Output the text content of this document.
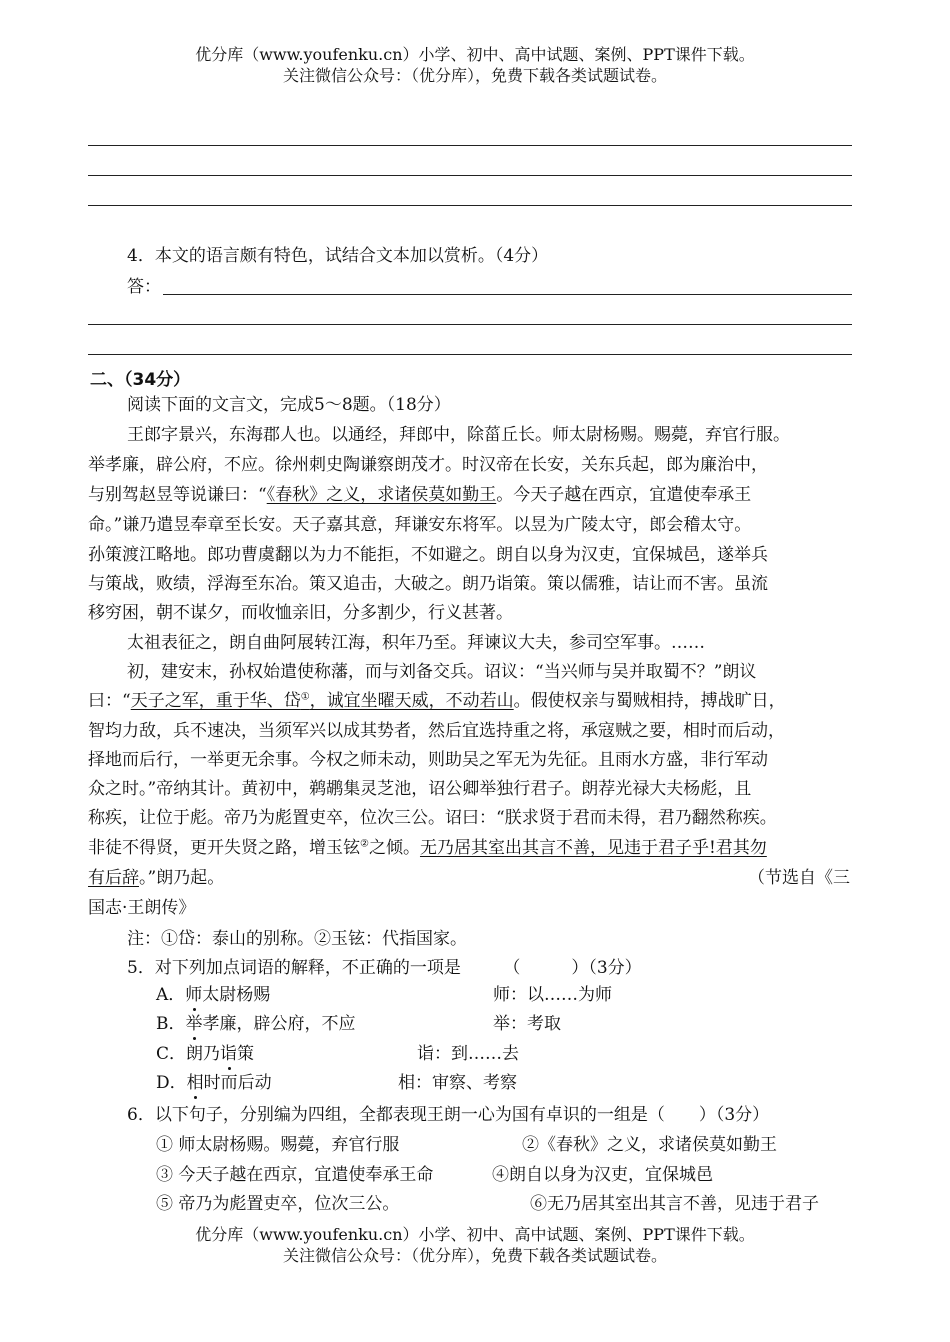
优分库（www.youfenku.cn）小学、初中、高中试题、案例、PPT课件下载。
关注微信公众号：（优分库），免费下载各类试题试卷。
4．本文的语言颇有特色，试结合文本加以赏析。（4分）
答：
二、（34分）
阅读下面的文言文，完成5～8题。（18分）
王郎字景兴，东海郡人也。以通经，拜郎中，除菑丘长。师太尉杨赐。赐薨，弃官行服。
举孝廉，辟公府，不应。徐州刺史陶谦察朗茂才。时汉帝在长安，关东兵起，郎为廉治中，
与别驾赵昱等说谦曰：“《春秋》之义，求诸侯莫如勤王。今天子越在西京，宜遣使奉承王
命。”谦乃遣昱奉章至长安。天子嘉其意，拜谦安东将军。以昱为广陵太守，郎会稽太守。
孙策渡江略地。郎功曹虞翻以为力不能拒，不如避之。朗自以身为汉吏，宜保城邑，遂举兵
与策战，败绩，浮海至东冶。策又追击，大破之。朗乃诣策。策以儒雅，诘让而不害。虽流
移穷困，朝不谋夕，而收恤亲旧，分多割少，行义甚著。
太祖表征之，朗自曲阿展转江海，积年乃至。拜谏议大夫，参司空军事。……
初，建安末，孙权始遣使称藩，而与刘备交兵。诏议：“当兴师与吴并取蜀不？”朗议
曰：“天子之军，重于华、岱①，诚宜坐曜天威，不动若山。假使权亲与蜀贼相持，搏战旷日，
智均力敌，兵不速决，当须军兴以成其势者，然后宜选持重之将，承寇贼之要，相时而后动，
择地而后行，一举更无余事。今权之师未动，则助吴之军无为先征。且雨水方盛，非行军动
众之时。”帝纳其计。黄初中，鹈鹕集灵芝池，诏公卿举独行君子。朗荐光禄大夫杨彪，且
称疾，让位于彪。帝乃为彪置吏卒，位次三公。诏曰：“朕求贤于君而未得，君乃翻然称疾。
非徒不得贤，更开失贤之路，增玉铉②之倾。无乃居其室出其言不善，见违于君子乎!君其勿
有后辞。”朗乃起。	（节选自《三
国志·王朗传》
注：①岱：泰山的别称。②玉铉：代指国家。
5．对下列加点词语的解释，不正确的一项是　　　（　　　）（3分）
A．师太尉杨赐	师：以……为师
B．举孝廉，辟公府，不应	举：考取
C．朗乃诣策	诣：到……去
D．相时而后动	相：审察、考察
6．以下句子，分别编为四组，全都表现王朗一心为国有卓识的一组是（　　）（3分）
① 师太尉杨赐。赐薨，弃官行服	②《春秋》之义，求诸侯莫如勤王
③ 今天子越在西京，宜遣使奉承王命	④朗自以身为汉吏，宜保城邑
⑤ 帝乃为彪置吏卒，位次三公。	⑥无乃居其室出其言不善，见违于君子
优分库（www.youfenku.cn）小学、初中、高中试题、案例、PPT课件下载。
关注微信公众号：（优分库），免费下载各类试题试卷。
